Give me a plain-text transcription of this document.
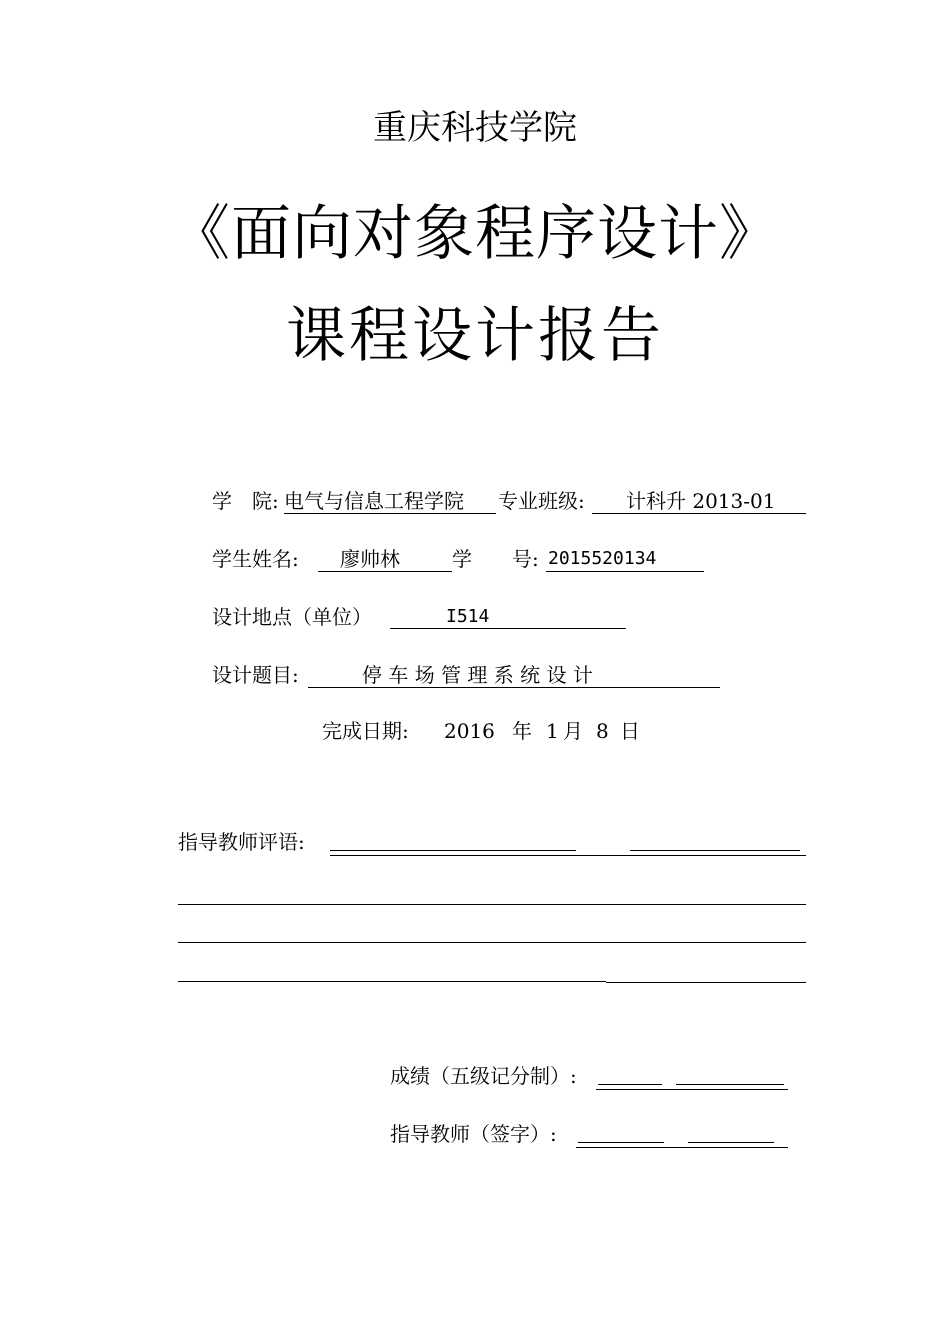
重庆科技学院
《面向对象程序设计》
课程设计报告
学　院: 电气与信息工程学院 专业班级: 计科升 2013-01
学生姓名: 廖帅林	学　　号: 2015520134
设计地点（单位）	I514
设计题目:	停 车 场 管 理 系 统 设 计
完成日期: 2016 年 1 月 8 日
指导教师评语:
成绩（五级记分制）:
指导教师（签字）:
